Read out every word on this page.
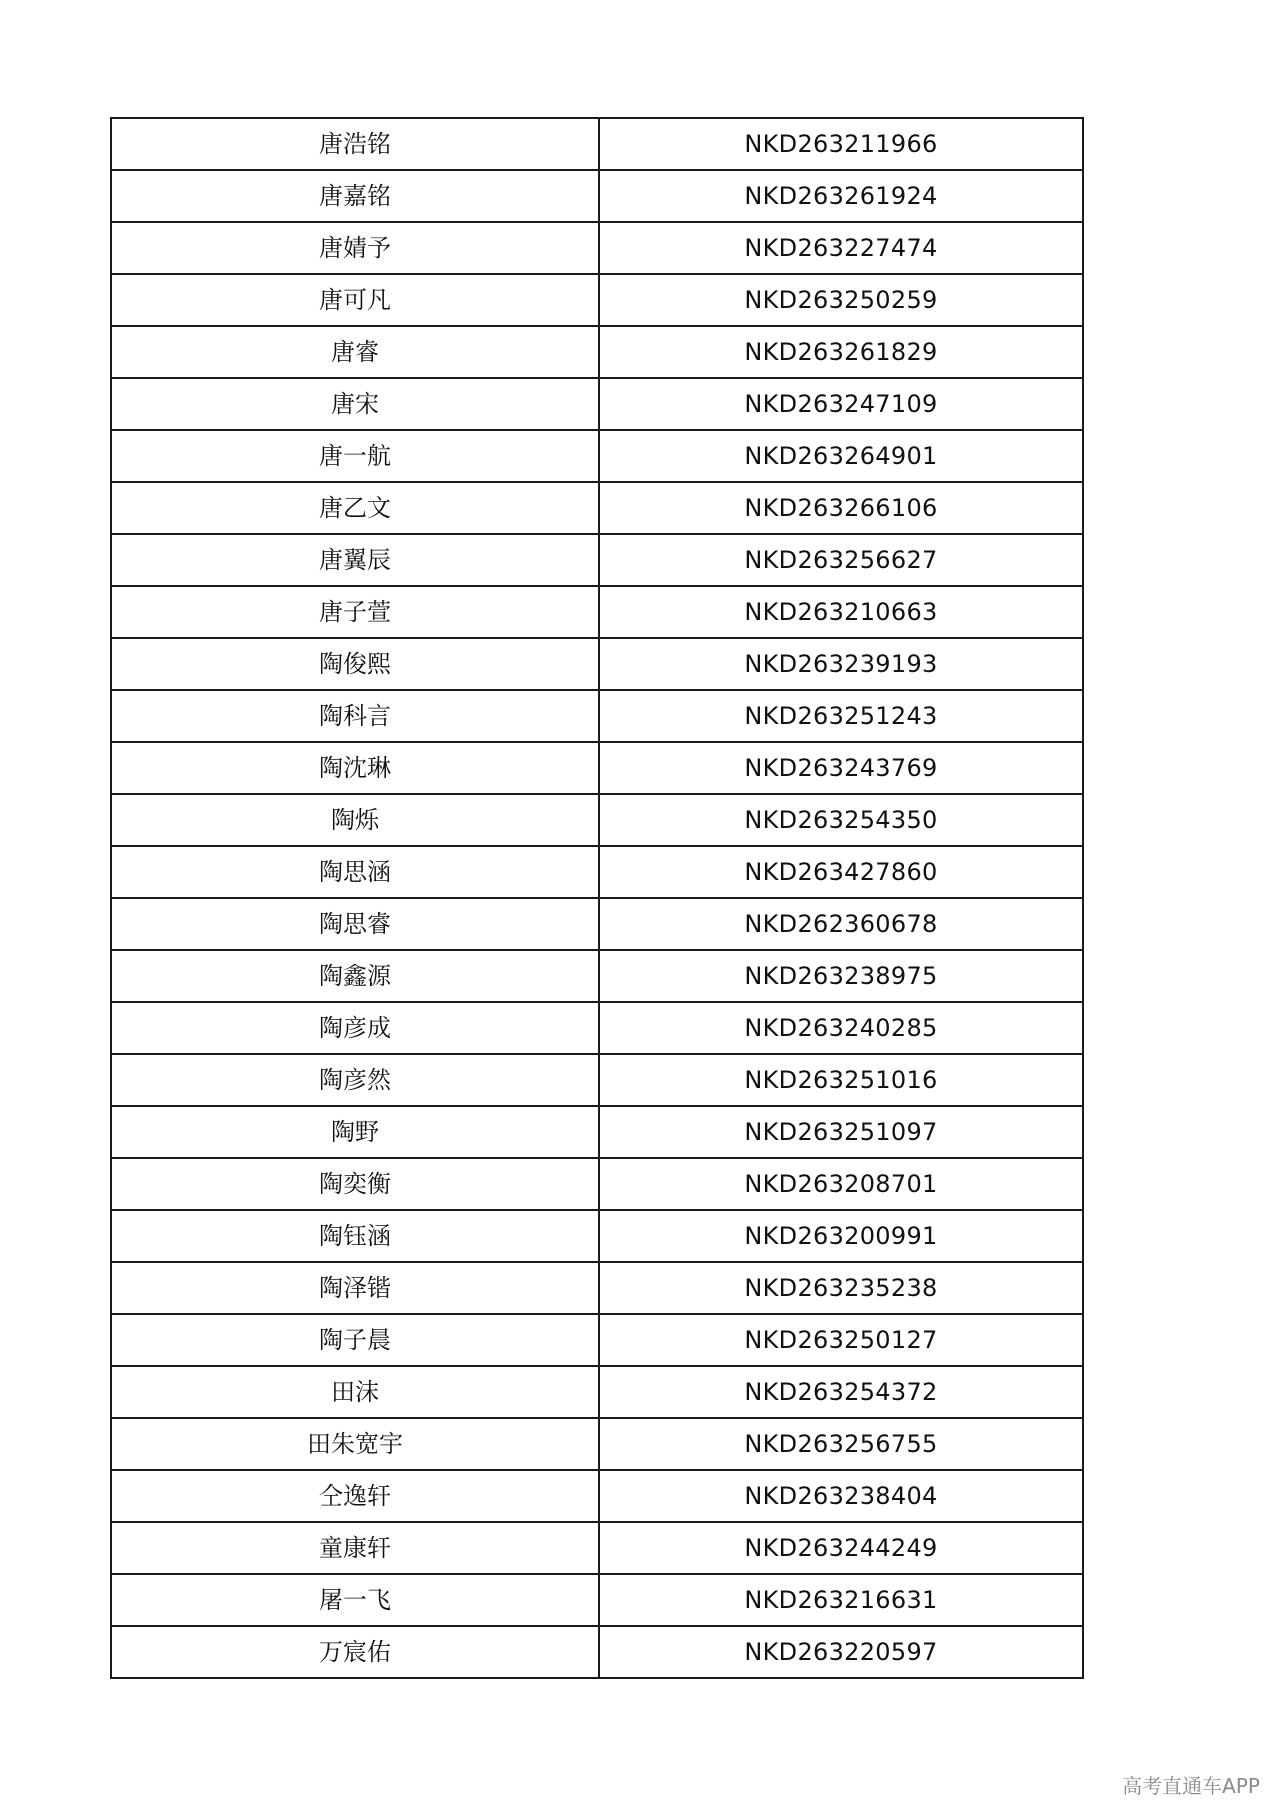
唐浩铭	NKD263211966
唐嘉铭	NKD263261924
唐婧予	NKD263227474
唐可凡	NKD263250259
唐睿	NKD263261829
唐宋	NKD263247109
唐一航	NKD263264901
唐乙文	NKD263266106
唐翼辰	NKD263256627
唐子萱	NKD263210663
陶俊熙	NKD263239193
陶科言	NKD263251243
陶沈琳	NKD263243769
陶烁	NKD263254350
陶思涵	NKD263427860
陶思睿	NKD262360678
陶鑫源	NKD263238975
陶彦成	NKD263240285
陶彦然	NKD263251016
陶野	NKD263251097
陶奕衡	NKD263208701
陶钰涵	NKD263200991
陶泽锴	NKD263235238
陶子晨	NKD263250127
田沫	NKD263254372
田朱宽宇	NKD263256755
仝逸轩	NKD263238404
童康轩	NKD263244249
屠一飞	NKD263216631
万宸佑	NKD263220597
高考直通车APP
